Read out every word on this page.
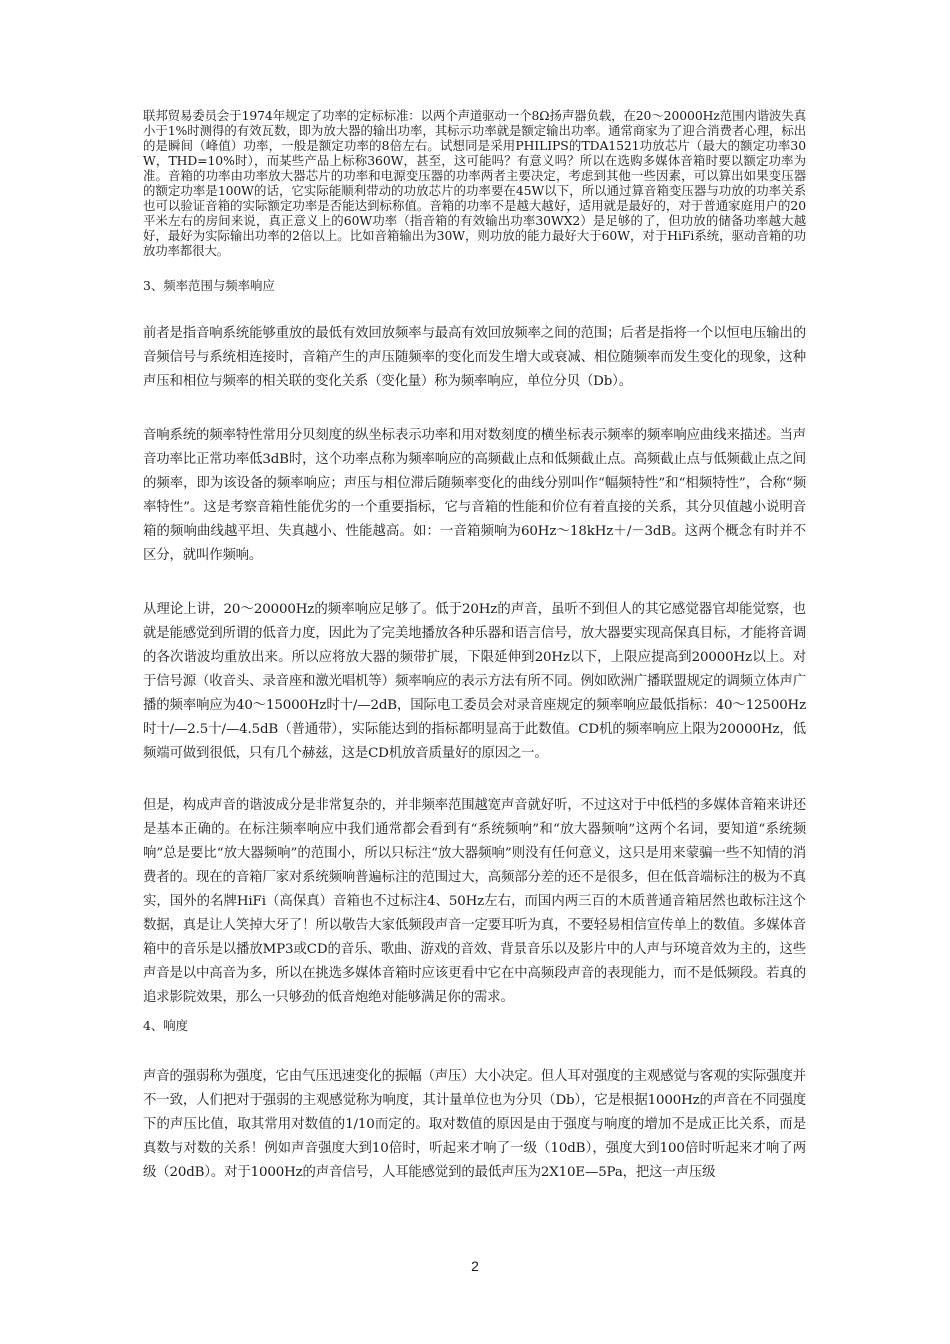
联邦贸易委员会于1974年规定了功率的定标标准：以两个声道驱动一个8Ω扬声器负载，在20～20000Hz范围内谐波失真小于1%时测得的有效瓦数，即为放大器的输出功率，其标示功率就是额定输出功率。通常商家为了迎合消费者心理，标出的是瞬间（峰值）功率，一般是额定功率的8倍左右。试想同是采用PHILIPS的TDA1521功放芯片（最大的额定功率30W，THD=10%时），而某些产品上标称360W，甚至，这可能吗？有意义吗？所以在选购多媒体音箱时要以额定功率为准。音箱的功率由功率放大器芯片的功率和电源变压器的功率两者主要决定，考虑到其他一些因素，可以算出如果变压器的额定功率是100W的话，它实际能顺利带动的功放芯片的功率要在45W以下，所以通过算音箱变压器与功放的功率关系也可以验证音箱的实际额定功率是否能达到标称值。音箱的功率不是越大越好，适用就是最好的，对于普通家庭用户的20平米左右的房间来说，真正意义上的60W功率（指音箱的有效输出功率30WX2）是足够的了，但功放的储备功率越大越好，最好为实际输出功率的2倍以上。比如音箱输出为30W，则功放的能力最好大于60W，对于HiFi系统，驱动音箱的功放功率都很大。

3、频率范围与频率响应

前者是指音响系统能够重放的最低有效回放频率与最高有效回放频率之间的范围；后者是指将一个以恒电压输出的音频信号与系统相连接时，音箱产生的声压随频率的变化而发生增大或衰减、相位随频率而发生变化的现象，这种声压和相位与频率的相关联的变化关系（变化量）称为频率响应，单位分贝（Db）。

音响系统的频率特性常用分贝刻度的纵坐标表示功率和用对数刻度的横坐标表示频率的频率响应曲线来描述。当声音功率比正常功率低3dB时，这个功率点称为频率响应的高频截止点和低频截止点。高频截止点与低频截止点之间的频率，即为该设备的频率响应；声压与相位滞后随频率变化的曲线分别叫作“幅频特性”和“相频特性”，合称“频率特性”。这是考察音箱性能优劣的一个重要指标，它与音箱的性能和价位有着直接的关系，其分贝值越小说明音箱的频响曲线越平坦、失真越小、性能越高。如：一音箱频响为60Hz～18kHz＋/－3dB。这两个概念有时并不区分，就叫作频响。

从理论上讲，20～20000Hz的频率响应足够了。低于20Hz的声音，虽听不到但人的其它感觉器官却能觉察，也就是能感觉到所谓的低音力度，因此为了完美地播放各种乐器和语言信号，放大器要实现高保真目标，才能将音调的各次谐波均重放出来。所以应将放大器的频带扩展，下限延伸到20Hz以下，上限应提高到20000Hz以上。对于信号源（收音头、录音座和激光唱机等）频率响应的表示方法有所不同。例如欧洲广播联盟规定的调频立体声广播的频率响应为40～15000Hz时十/—2dB，国际电工委员会对录音座规定的频率响应最低指标：40～12500Hz时十/—2.5十/—4.5dB（普通带），实际能达到的指标都明显高于此数值。CD机的频率响应上限为20000Hz，低频端可做到很低，只有几个赫兹，这是CD机放音质量好的原因之一。

但是，构成声音的谐波成分是非常复杂的，并非频率范围越宽声音就好听，不过这对于中低档的多媒体音箱来讲还是基本正确的。在标注频率响应中我们通常都会看到有“系统频响”和“放大器频响”这两个名词，要知道“系统频响”总是要比“放大器频响”的范围小，所以只标注“放大器频响”则没有任何意义，这只是用来蒙骗一些不知情的消费者的。现在的音箱厂家对系统频响普遍标注的范围过大，高频部分差的还不是很多，但在低音端标注的极为不真实，国外的名牌HiFi（高保真）音箱也不过标注4、50Hz左右，而国内两三百的木质普通音箱居然也敢标注这个数据，真是让人笑掉大牙了！所以敬告大家低频段声音一定要耳听为真，不要轻易相信宣传单上的数值。多媒体音箱中的音乐是以播放MP3或CD的音乐、歌曲、游戏的音效、背景音乐以及影片中的人声与环境音效为主的，这些声音是以中高音为多，所以在挑选多媒体音箱时应该更看中它在中高频段声音的表现能力，而不是低频段。若真的追求影院效果，那么一只够劲的低音炮绝对能够满足你的需求。

4、响度

声音的强弱称为强度，它由气压迅速变化的振幅（声压）大小决定。但人耳对强度的主观感觉与客观的实际强度并不一致，人们把对于强弱的主观感觉称为响度，其计量单位也为分贝（Db），它是根据1000Hz的声音在不同强度下的声压比值，取其常用对数值的1/10而定的。取对数值的原因是由于强度与响度的增加不是成正比关系，而是真数与对数的关系！例如声音强度大到10倍时，听起来才响了一级（10dB），强度大到100倍时听起来才响了两级（20dB）。对于1000Hz的声音信号，人耳能感觉到的最低声压为2X10E—5Pa，把这一声压级

2
